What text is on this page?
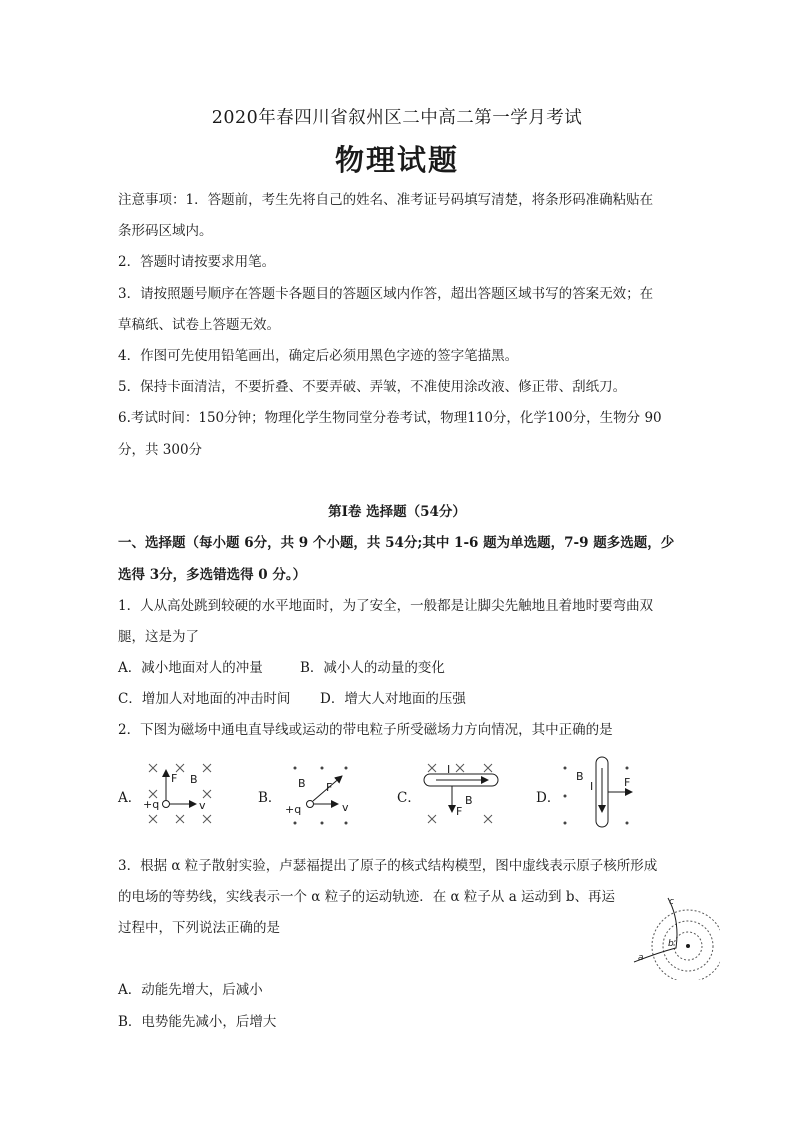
2020年春四川省叙州区二中高二第一学月考试
物理试题
注意事项：1．答题前，考生先将自己的姓名、准考证号码填写清楚，将条形码准确粘贴在
条形码区域内。
2．答题时请按要求用笔。
3．请按照题号顺序在答题卡各题目的答题区域内作答，超出答题区域书写的答案无效；在
草稿纸、试卷上答题无效。
4．作图可先使用铅笔画出，确定后必须用黑色字迹的签字笔描黑。
5．保持卡面清洁，不要折叠、不要弄破、弄皱，不准使用涂改液、修正带、刮纸刀。
6.考试时间：150分钟；物理化学生物同堂分卷考试，物理110分，化学100分，生物分 90
分，共 300分
第Ⅰ卷 选择题（54分）
一、选择题（每小题 6分，共 9 个小题，共 54分;其中 1-6 题为单选题，7-9 题多选题，少
选得 3分，多选错选得 0 分。）
1．人从高处跳到较硬的水平地面时，为了安全，一般都是让脚尖先触地且着地时要弯曲双
腿，这是为了
A．减小地面对人的冲量	B．减小人的动量的变化
C．增加人对地面的冲击时间 D．增大人对地面的压强
2．下图为磁场中通电直导线或运动的带电粒子所受磁场力方向情况，其中正确的是
A．	B．	C．	D．
F B
+q	v
B F
+q	v
I
B
F
B
I	F
3．根据 α 粒子散射实验，卢瑟福提出了原子的核式结构模型，图中虚线表示原子核所形成
的电场的等势线，实线表示一个 α 粒子的运动轨迹．在 α 粒子从 a 运动到 b、再运
过程中，下列说法正确的是
A．动能先增大，后减小
B．电势能先减小，后增大
a
b
c
